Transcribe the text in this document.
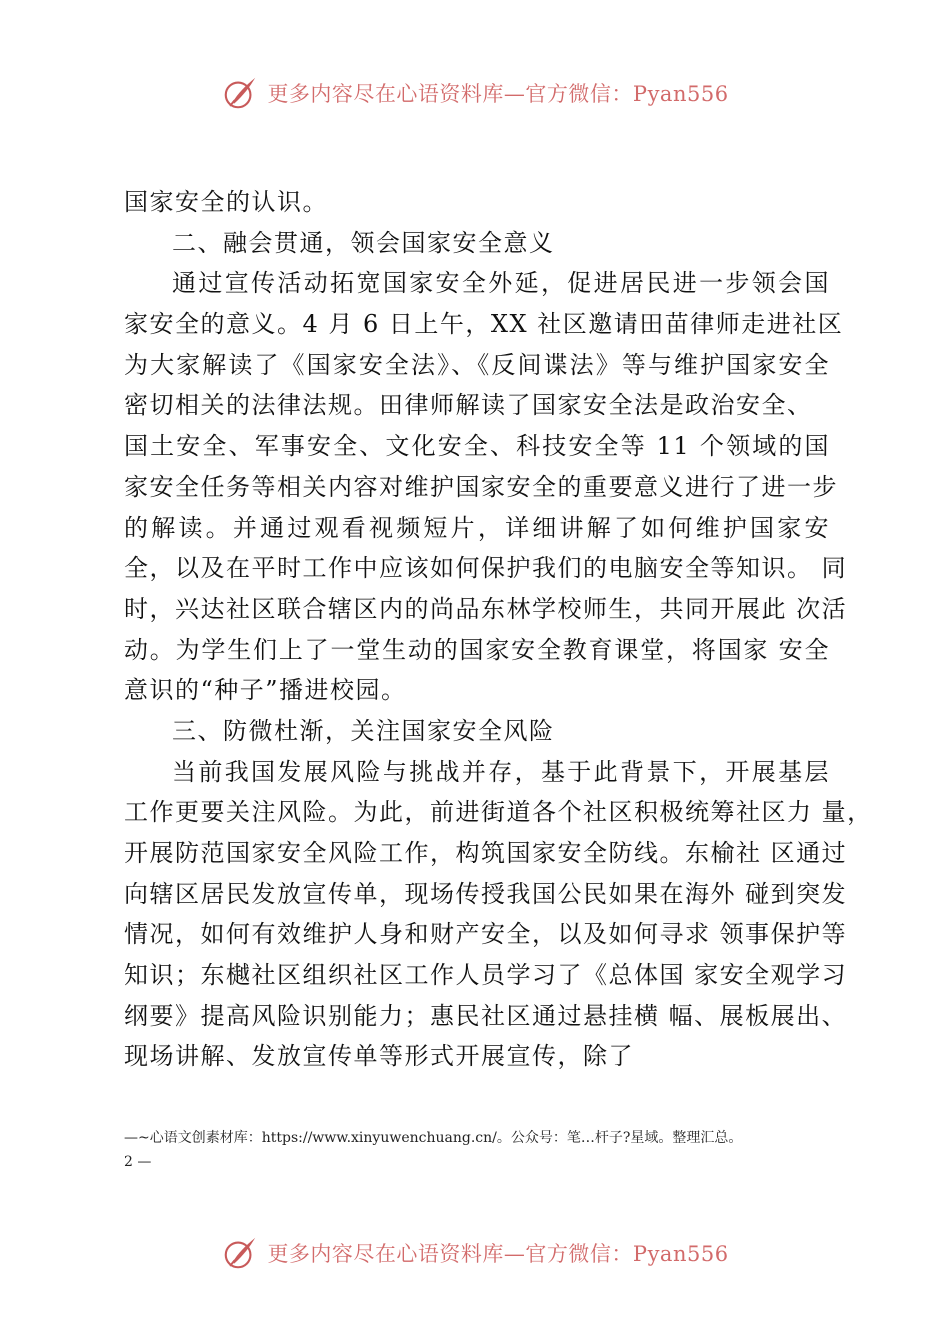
更多内容尽在心语资料库—官方微信：Pyan556
国家安全的认识。
二、融会贯通，领会国家安全意义
通过宣传活动拓宽国家安全外延，促进居民进一步领会国
家安全的意义。4 月 6 日上午，XX 社区邀请田苗律师走进社区
为大家解读了《国家安全法》、《反间谍法》等与维护国家安全
密切相关的法律法规。田律师解读了国家安全法是政治安全、
国土安全、军事安全、文化安全、科技安全等 11 个领域的国
家安全任务等相关内容对维护国家安全的重要意义进行了进一步
的解读。并通过观看视频短片，详细讲解了如何维护国家安
全，以及在平时工作中应该如何保护我们的电脑安全等知识。 同
时，兴达社区联合辖区内的尚品东林学校师生，共同开展此 次活
动。为学生们上了一堂生动的国家安全教育课堂，将国家 安全
意识的“种子”播进校园。
三、防微杜渐，关注国家安全风险
当前我国发展风险与挑战并存，基于此背景下，开展基层
工作更要关注风险。为此，前进街道各个社区积极统筹社区力 量，
开展防范国家安全风险工作，构筑国家安全防线。东榆社 区通过
向辖区居民发放宣传单，现场传授我国公民如果在海外 碰到突发
情况，如何有效维护人身和财产安全，以及如何寻求 领事保护等
知识；东樾社区组织社区工作人员学习了《总体国 家安全观学习
纲要》提高风险识别能力；惠民社区通过悬挂横 幅、展板展出、
现场讲解、发放宣传单等形式开展宣传，除了
—~心语文创素材库：https://www.xinyuwenchuang.cn/。公众号：笔…杆子?星域。整理汇总。
2 —
更多内容尽在心语资料库—官方微信：Pyan556
